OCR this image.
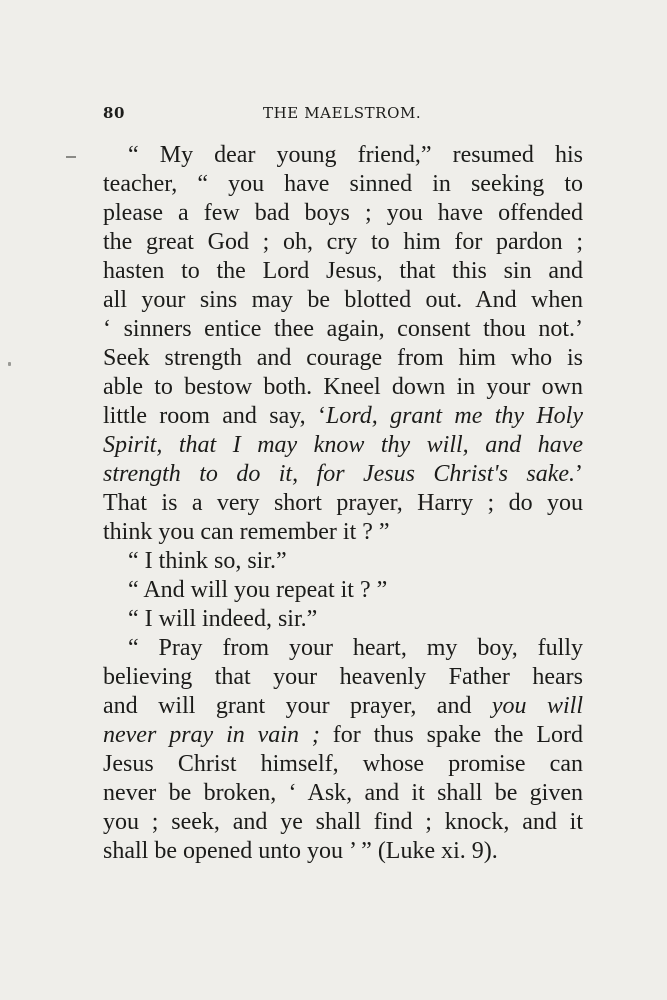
80	THE MAELSTROM.
“ My dear young friend,” resumed his
teacher, “ you have sinned in seeking to
please a few bad boys ; you have offended
the great God ; oh, cry to him for pardon ;
hasten to the Lord Jesus, that this sin and
all your sins may be blotted out. And when
‘ sinners entice thee again, consent thou not.’
Seek strength and courage from him who is
able to bestow both. Kneel down in your own
little room and say, ‘Lord, grant me thy Holy
Spirit, that I may know thy will, and have
strength to do it, for Jesus Christ's sake.’
That is a very short prayer, Harry ; do you
think you can remember it ? ”
“ I think so, sir.”
“ And will you repeat it ? ”
“ I will indeed, sir.”
“ Pray from your heart, my boy, fully
believing that your heavenly Father hears
and will grant your prayer, and you will
never pray in vain ; for thus spake the Lord
Jesus Christ himself, whose promise can
never be broken, ‘ Ask, and it shall be given
you ; seek, and ye shall find ; knock, and it
shall be opened unto you ’ ” (Luke xi. 9).
